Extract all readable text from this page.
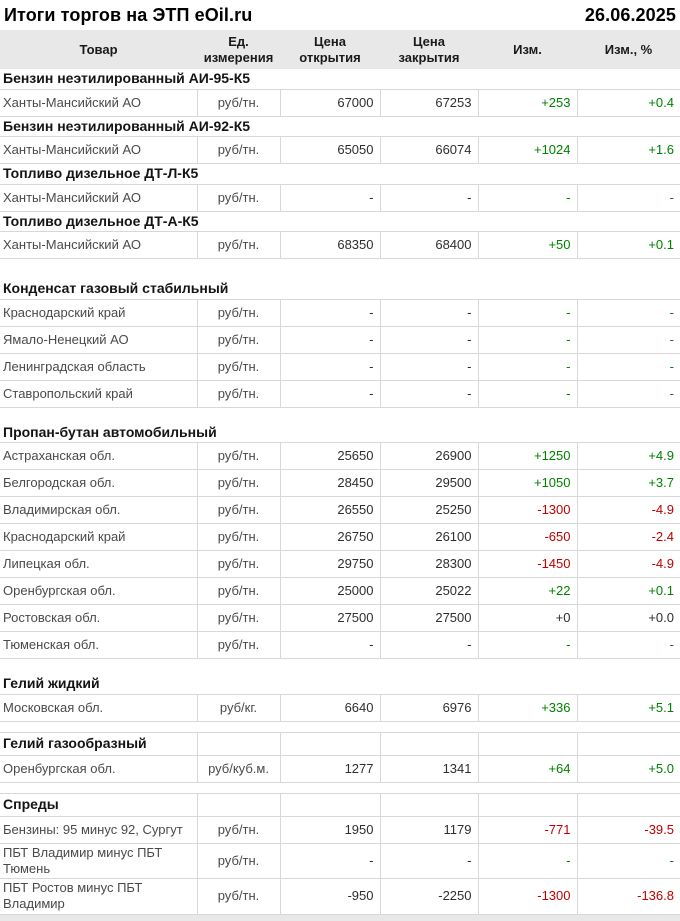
Итоги торгов на ЭТП eOil.ru	26.06.2025
Товар	Ед. измерения	Цена открытия	Цена закрытия	Изм.	Изм., %
Бензин неэтилированный АИ-95-К5					
Ханты-Мансийский АО	руб/тн.	67000	67253	+253	+0.4
Бензин неэтилированный АИ-92-К5					
Ханты-Мансийский АО	руб/тн.	65050	66074	+1024	+1.6
Топливо дизельное ДТ-Л-К5					
Ханты-Мансийский АО	руб/тн.	-	-	-	-
Топливо дизельное ДТ-А-К5					
Ханты-Мансийский АО	руб/тн.	68350	68400	+50	+0.1

Конденсат газовый стабильный					
Краснодарский край	руб/тн.	-	-	-	-
Ямало-Ненецкий АО	руб/тн.	-	-	-	-
Ленинградская область	руб/тн.	-	-	-	-
Ставропольский край	руб/тн.	-	-	-	-

Пропан-бутан автомобильный					
Астраханская обл.	руб/тн.	25650	26900	+1250	+4.9
Белгородская обл.	руб/тн.	28450	29500	+1050	+3.7
Владимирская обл.	руб/тн.	26550	25250	-1300	-4.9
Краснодарский край	руб/тн.	26750	26100	-650	-2.4
Липецкая обл.	руб/тн.	29750	28300	-1450	-4.9
Оренбургская обл.	руб/тн.	25000	25022	+22	+0.1
Ростовская обл.	руб/тн.	27500	27500	+0	+0.0
Тюменская обл.	руб/тн.	-	-	-	-

Гелий жидкий					
Московская обл.	руб/кг.	6640	6976	+336	+5.1

Гелий газообразный					
Оренбургская обл.	руб/куб.м.	1277	1341	+64	+5.0

Спреды					
Бензины: 95 минус 92, Сургут	руб/тн.	1950	1179	-771	-39.5
ПБТ Владимир минус ПБТ Тюмень	руб/тн.	-	-	-	-
ПБТ Ростов минус ПБТ Владимир	руб/тн.	-950	-2250	-1300	-136.8
